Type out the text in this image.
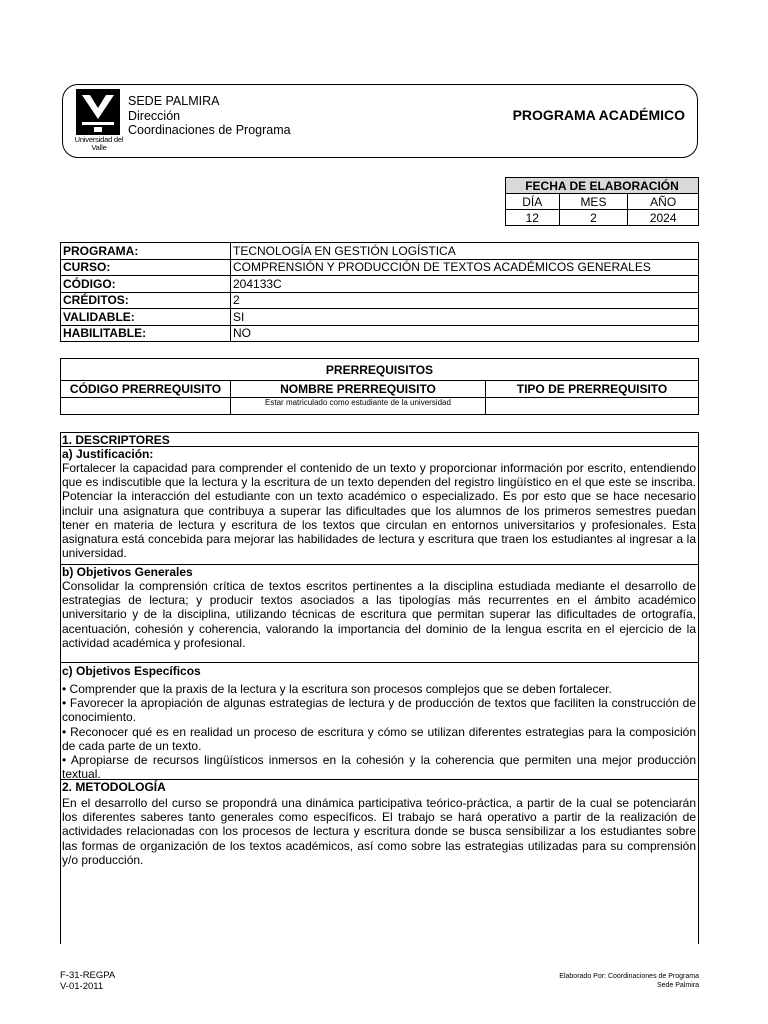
Universidad del Valle
SEDE PALMIRA
Dirección
Coordinaciones de Programa
PROGRAMA ACADÉMICO
FECHA DE ELABORACIÓN		
DÍA	MES	AÑO
12	2	2024
PROGRAMA:	TECNOLOGÍA EN GESTIÓN LOGÍSTICA
CURSO:	COMPRENSIÓN Y PRODUCCIÓN DE TEXTOS ACADÉMICOS GENERALES
CÓDIGO:	204133C
CRÉDITOS:	2
VALIDABLE:	SI
HABILITABLE:	NO
PRERREQUISITOS		
CÓDIGO PRERREQUISITO	NOMBRE PRERREQUISITO	TIPO DE PRERREQUISITO
	Estar matriculado como estudiante de la universidad	
1. DESCRIPTORES
a) Justificación:
Fortalecer la capacidad para comprender el contenido de un texto y proporcionar información por escrito, entendiendo que es indiscutible que la lectura y la escritura de un texto dependen del registro lingüístico en el que este se inscriba. Potenciar la interacción del estudiante con un texto académico o especializado. Es por esto que se hace necesario incluir una asignatura que contribuya a superar las dificultades que los alumnos de los primeros semestres puedan tener en materia de lectura y escritura de los textos que circulan en entornos universitarios y profesionales. Esta asignatura está concebida para mejorar las habilidades de lectura y escritura que traen los estudiantes al ingresar a la universidad.
b) Objetivos Generales
Consolidar la comprensión crítica de textos escritos pertinentes a la disciplina estudiada mediante el desarrollo de estrategias de lectura; y producir textos asociados a las tipologías más recurrentes en el ámbito académico universitario y de la disciplina, utilizando técnicas de escritura que permitan superar las dificultades de ortografía, acentuación, cohesión y coherencia, valorando la importancia del dominio de la lengua escrita en el ejercicio de la actividad académica y profesional.
c) Objetivos Específicos
• Comprender que la praxis de la lectura y la escritura son procesos complejos que se deben fortalecer.
• Favorecer la apropiación de algunas estrategias de lectura y de producción de textos que faciliten la construcción de conocimiento.
• Reconocer qué es en realidad un proceso de escritura y cómo se utilizan diferentes estrategias para la composición de cada parte de un texto.
• Apropiarse de recursos lingüísticos inmersos en la cohesión y la coherencia que permiten una mejor producción textual.
2. METODOLOGÍA
En el desarrollo del curso se propondrá una dinámica participativa teórico-práctica, a partir de la cual se potenciarán los diferentes saberes tanto generales como específicos. El trabajo se hará operativo a partir de la realización de actividades relacionadas con los procesos de lectura y escritura donde se busca sensibilizar a los estudiantes sobre las formas de organización de los textos académicos, así como sobre las estrategias utilizadas para su comprensión y/o producción.
F-31-REGPA
V-01-2011
Elaborado Por: Coordinaciones de Programa
Sede Palmira
